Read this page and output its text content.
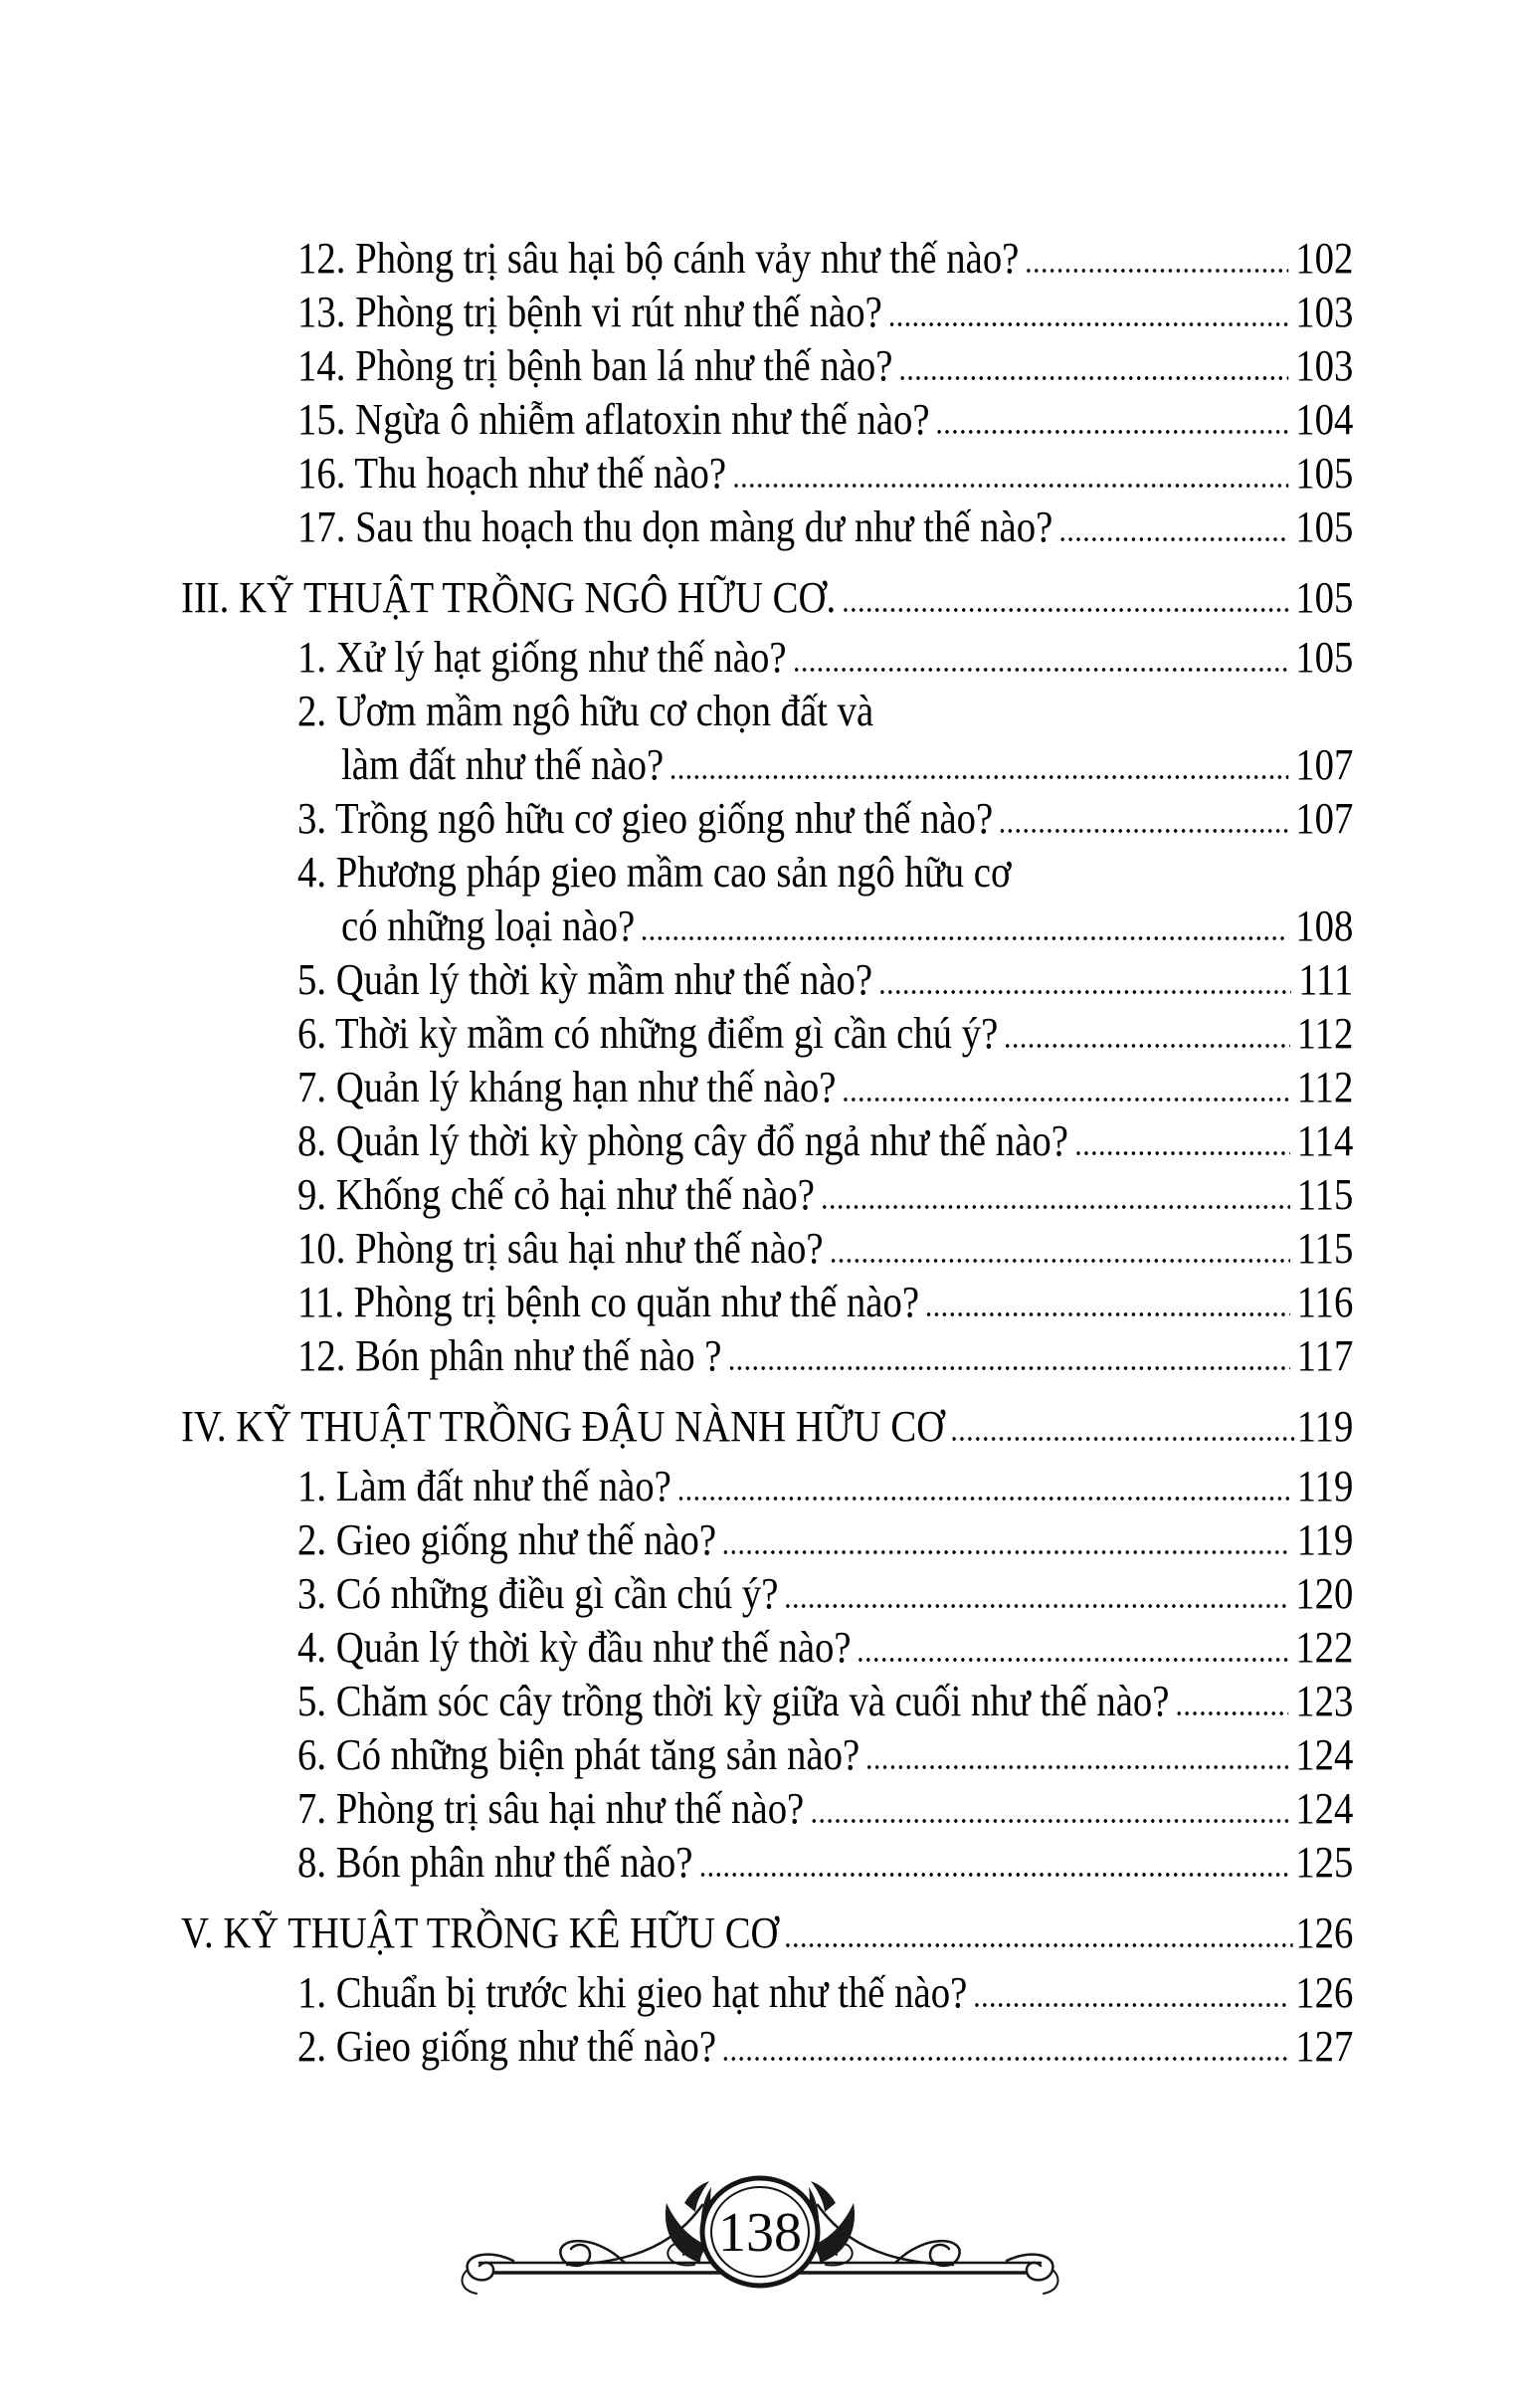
12. Phòng trị sâu hại bộ cánh vảy như thế nào?	102
13. Phòng trị bệnh vi rút như thế nào?	103
14. Phòng trị bệnh ban lá như thế nào?	103
15. Ngừa ô nhiễm aflatoxin như thế nào?	104
16. Thu hoạch như thế nào?	105
17. Sau thu hoạch thu dọn màng dư như thế nào?	105
III. KỸ THUẬT TRỒNG NGÔ HỮU CƠ.	105
1. Xử lý hạt giống như thế nào?	105
2. Ươm mầm ngô hữu cơ chọn đất và
làm đất như thế nào?	107
3. Trồng ngô hữu cơ gieo giống như thế nào?	107
4. Phương pháp gieo mầm cao sản ngô hữu cơ
có những loại nào?	108
5. Quản lý thời kỳ mầm như thế nào?	111
6. Thời kỳ mầm có những điểm gì cần chú ý?	112
7. Quản lý kháng hạn như thế nào?	112
8. Quản lý thời kỳ phòng cây đổ ngả như thế nào?	114
9. Khống chế cỏ hại như thế nào?	115
10. Phòng trị sâu hại như thế nào?	115
11. Phòng trị bệnh co quăn như thế nào?	116
12. Bón phân như thế nào ?	117
IV. KỸ THUẬT TRỒNG ĐẬU NÀNH HỮU CƠ	119
1. Làm đất như thế nào?	119
2. Gieo giống như thế nào?	119
3. Có những điều gì cần chú ý?	120
4. Quản lý thời kỳ đầu như thế nào?	122
5. Chăm sóc cây trồng thời kỳ giữa và cuối như thế nào?	123
6. Có những biện phát tăng sản nào?	124
7. Phòng trị sâu hại như thế nào?	124
8. Bón phân như thế nào?	125
V. KỸ THUẬT TRỒNG KÊ HỮU CƠ	126
1. Chuẩn bị trước khi gieo hạt như thế nào?	126
2. Gieo giống như thế nào?	127
138
